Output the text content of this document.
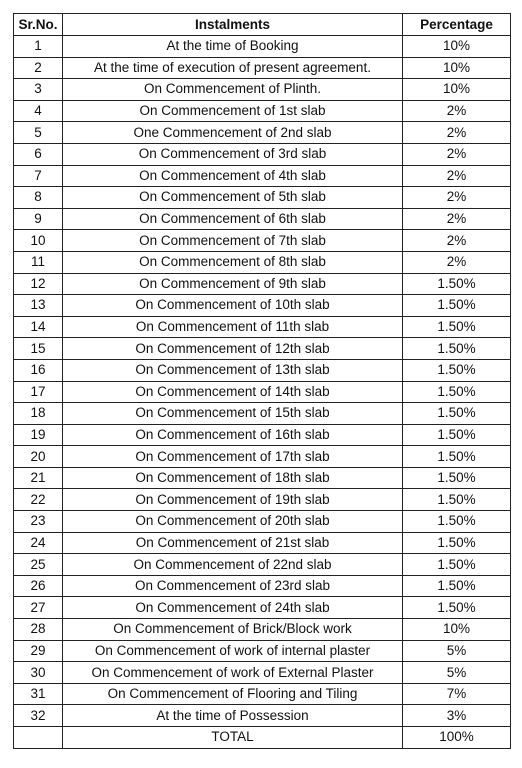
Sr.No.	Instalments	Percentage
1	At the time of Booking	10%
2	At the time of execution of present agreement.	10%
3	On Commencement of Plinth.	10%
4	On Commencement of 1st slab	2%
5	One Commencement of 2nd slab	2%
6	On Commencement of 3rd slab	2%
7	On Commencement of 4th slab	2%
8	On Commencement of 5th slab	2%
9	On Commencement of 6th slab	2%
10	On Commencement of 7th slab	2%
11	On Commencement of 8th slab	2%
12	On Commencement of 9th slab	1.50%
13	On Commencement of 10th slab	1.50%
14	On Commencement of 11th slab	1.50%
15	On Commencement of 12th slab	1.50%
16	On Commencement of 13th slab	1.50%
17	On Commencement of 14th slab	1.50%
18	On Commencement of 15th slab	1.50%
19	On Commencement of 16th slab	1.50%
20	On Commencement of 17th slab	1.50%
21	On Commencement of 18th slab	1.50%
22	On Commencement of 19th slab	1.50%
23	On Commencement of 20th slab	1.50%
24	On Commencement of 21st slab	1.50%
25	On Commencement of 22nd slab	1.50%
26	On Commencement of 23rd slab	1.50%
27	On Commencement of 24th slab	1.50%
28	On Commencement of Brick/Block work	10%
29	On Commencement of work of internal plaster	5%
30	On Commencement of work of External Plaster	5%
31	On Commencement of Flooring and Tiling	7%
32	At the time of Possession	3%
	TOTAL	100%
